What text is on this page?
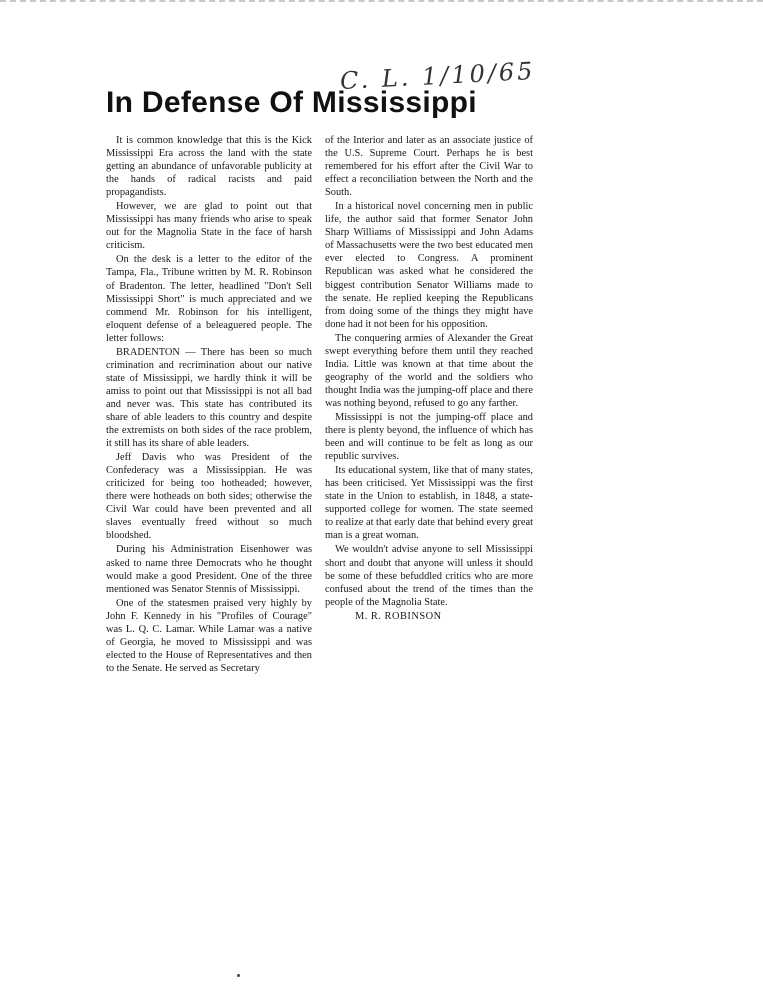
C. L. 1/10/65
In Defense Of Mississippi

It is common knowledge that this is the Kick Mississippi Era across the land with the state getting an abundance of unfavorable publicity at the hands of radical racists and paid propagandists.

However, we are glad to point out that Mississippi has many friends who arise to speak out for the Magnolia State in the face of harsh criticism.

On the desk is a letter to the editor of the Tampa, Fla., Tribune written by M. R. Robinson of Bradenton. The letter, headlined "Don't Sell Mississippi Short" is much appreciated and we commend Mr. Robinson for his intelligent, eloquent defense of a beleaguered people. The letter follows:

BRADENTON — There has been so much crimination and recrimination about our native state of Mississippi, we hardly think it will be amiss to point out that Mississippi is not all bad and never was. This state has contributed its share of able leaders to this country and despite the extremists on both sides of the race problem, it still has its share of able leaders.

Jeff Davis who was President of the Confederacy was a Mississippian. He was criticized for being too hotheaded; however, there were hotheads on both sides; otherwise the Civil War could have been prevented and all slaves eventually freed without so much bloodshed.

During his Administration Eisenhower was asked to name three Democrats who he thought would make a good President. One of the three mentioned was Senator Stennis of Mississippi.

One of the statesmen praised very highly by John F. Kennedy in his "Profiles of Courage" was L. Q. C. Lamar. While Lamar was a native of Georgia, he moved to Mississippi and was elected to the House of Representatives and then to the Senate. He served as Secretary

of the Interior and later as an associate justice of the U.S. Supreme Court. Perhaps he is best remembered for his effort after the Civil War to effect a reconciliation between the North and the South.

In a historical novel concerning men in public life, the author said that former Senator John Sharp Williams of Mississippi and John Adams of Massachusetts were the two best educated men ever elected to Congress. A prominent Republican was asked what he considered the biggest contribution Senator Williams made to the senate. He replied keeping the Republicans from doing some of the things they might have done had it not been for his opposition.

The conquering armies of Alexander the Great swept everything before them until they reached India. Little was known at that time about the geography of the world and the soldiers who thought India was the jumping-off place and there was nothing beyond, refused to go any farther.

Mississippi is not the jumping-off place and there is plenty beyond, the influence of which has been and will continue to be felt as long as our republic survives.

Its educational system, like that of many states, has been criticised. Yet Mississippi was the first state in the Union to establish, in 1848, a state-supported college for women. The state seemed to realize at that early date that behind every great man is a great woman.

We wouldn't advise anyone to sell Mississippi short and doubt that anyone will unless it should be some of these befuddled critics who are more confused about the trend of the times than the people of the Magnolia State.

M. R. ROBINSON
